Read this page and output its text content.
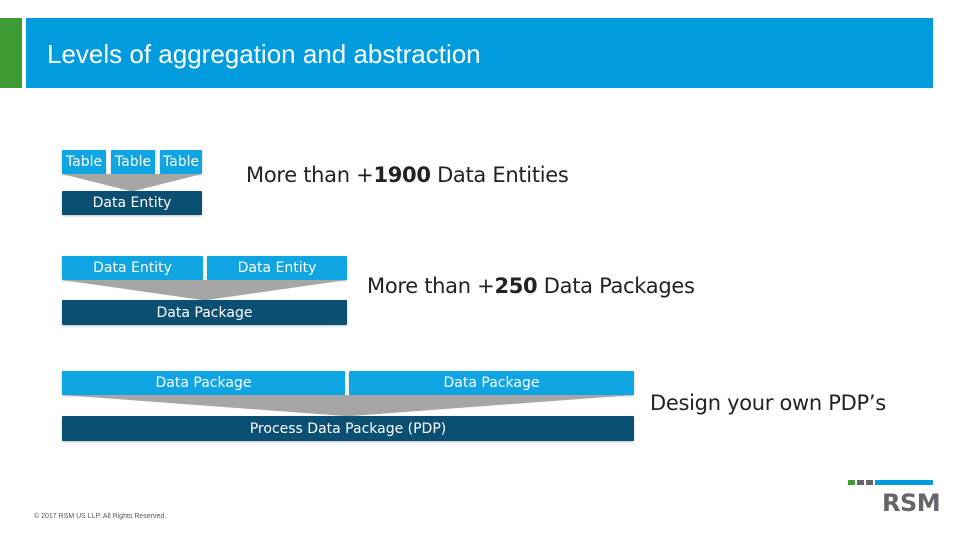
Levels of aggregation and abstraction
Table Table Table
Data Entity
More than +1900 Data Entities
Data Entity	Data Entity
Data Package
More than +250 Data Packages
Data Package	Data Package
Process Data Package (PDP)
Design your own PDP’s
© 2017 RSM US LLP. All Rights Reserved.	RSM
